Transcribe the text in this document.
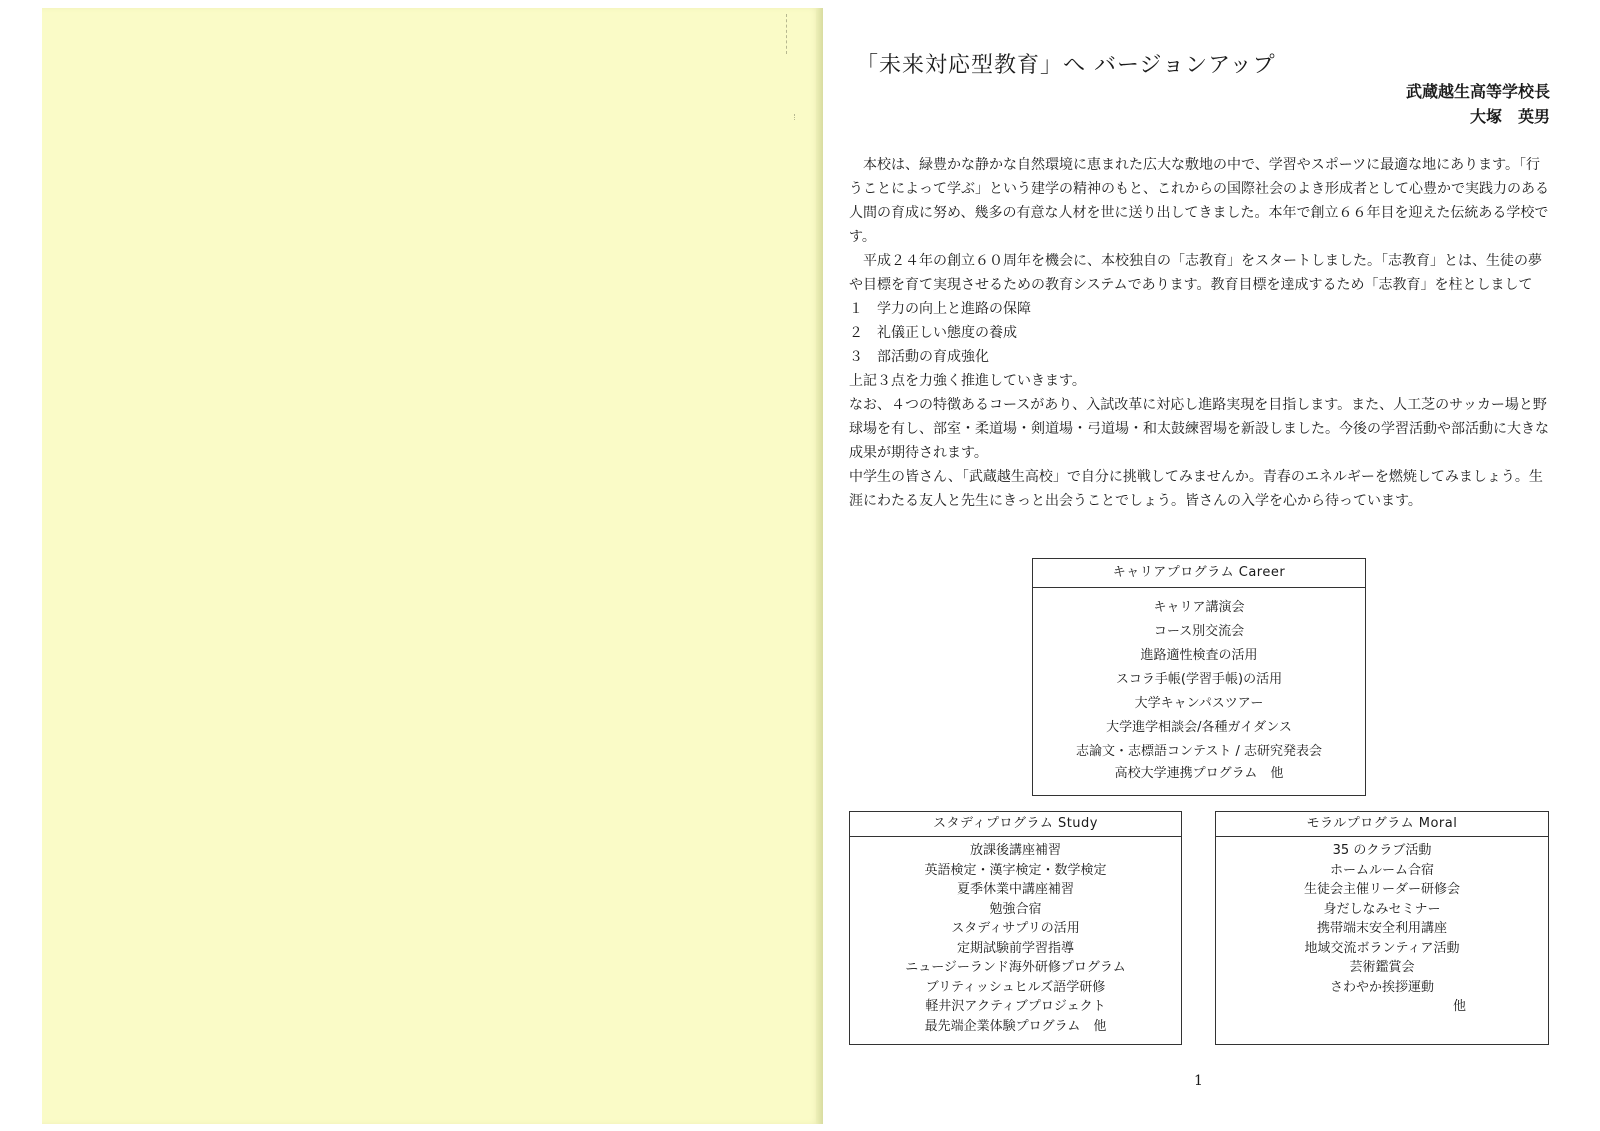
「未来対応型教育」へ バージョンアップ
武蔵越生高等学校長
大塚　英男

本校は、緑豊かな静かな自然環境に恵まれた広大な敷地の中で、学習やスポーツに最適な地にあります。「行うことによって学ぶ」という建学の精神のもと、これからの国際社会のよき形成者として心豊かで実践力のある人間の育成に努め、幾多の有意な人材を世に送り出してきました。本年で創立６６年目を迎えた伝統ある学校です。

平成２４年の創立６０周年を機会に、本校独自の「志教育」をスタートしました。「志教育」とは、生徒の夢や目標を育て実現させるための教育システムであります。教育目標を達成するため「志教育」を柱としまして

１　学力の向上と進路の保障

２　礼儀正しい態度の養成

３　部活動の育成強化

上記３点を力強く推進していきます。

なお、４つの特徴あるコースがあり、入試改革に対応し進路実現を目指します。また、人工芝のサッカー場と野球場を有し、部室・柔道場・剣道場・弓道場・和太鼓練習場を新設しました。今後の学習活動や部活動に大きな成果が期待されます。

中学生の皆さん、「武蔵越生高校」で自分に挑戦してみませんか。青春のエネルギーを燃焼してみましょう。生涯にわたる友人と先生にきっと出会うことでしょう。皆さんの入学を心から待っています。

キャリアプログラム Career
キャリア講演会
コース別交流会
進路適性検査の活用
スコラ手帳(学習手帳)の活用
大学キャンパスツアー
大学進学相談会/各種ガイダンス
志論文・志標語コンテスト / 志研究発表会
高校大学連携プログラム　他
スタディプログラム Study
放課後講座補習
英語検定・漢字検定・数学検定
夏季休業中講座補習
勉強合宿
スタディサプリの活用
定期試験前学習指導
ニュージーランド海外研修プログラム
ブリティッシュヒルズ語学研修
軽井沢アクティブプロジェクト
最先端企業体験プログラム　他
モラルプログラム Moral
35 のクラブ活動
ホームルーム合宿
生徒会主催リーダー研修会
身だしなみセミナー
携帯端末安全利用講座
地域交流ボランティア活動
芸術鑑賞会
さわやか挨拶運動
他
1
